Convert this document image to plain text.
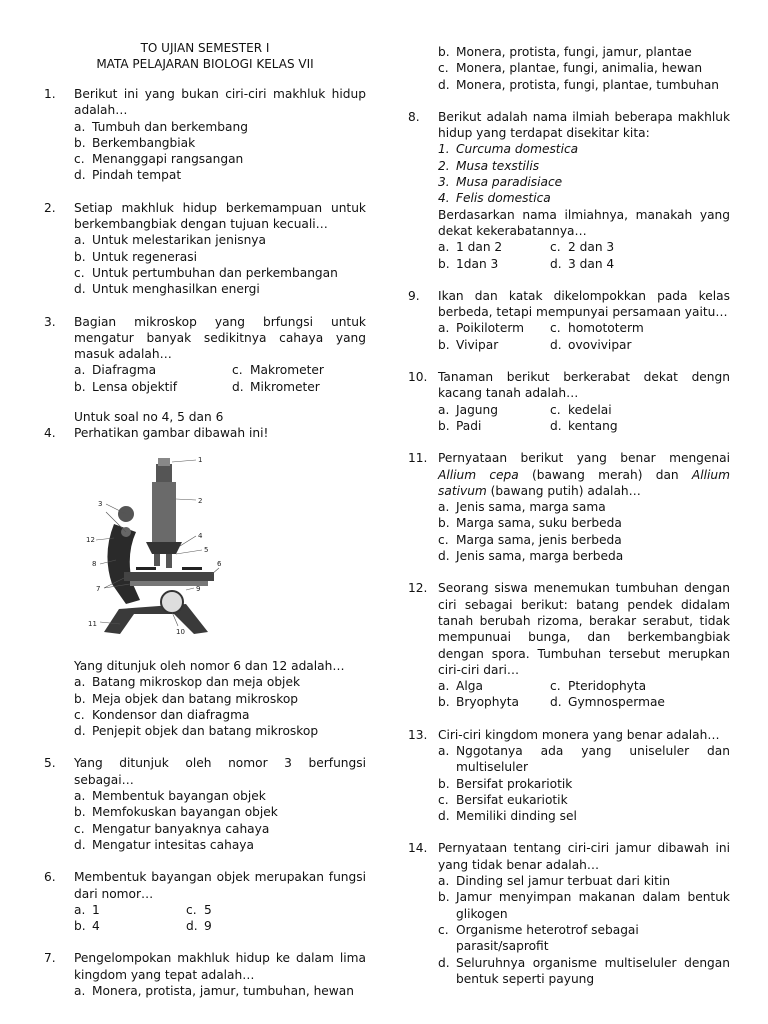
TO UJIAN SEMESTER I
MATA PELAJARAN BIOLOGI KELAS VII
1.	Berikut ini yang bukan ciri-ciri makhluk hidup adalah…
a. Tumbuh dan berkembang
b. Berkembangbiak
c. Menanggapi rangsangan
d. Pindah tempat
2.	Setiap makhluk hidup berkemampuan untuk berkembangbiak dengan tujuan kecuali…
a. Untuk melestarikan jenisnya
b. Untuk regenerasi
c. Untuk pertumbuhan dan perkembangan
d. Untuk menghasilkan energi
3.	Bagian mikroskop yang brfungsi untuk mengatur banyak sedikitnya cahaya yang masuk adalah…
a. Diafragma	c. Makrometer
b. Lensa objektif	d. Mikrometer
Untuk soal no 4, 5 dan 6
4.	Perhatikan gambar dibawah ini!
1
2
3
4
5
6
7
8
9
10
11
12
Yang ditunjuk oleh nomor 6 dan 12 adalah…
a. Batang mikroskop dan meja objek
b. Meja objek dan batang mikroskop
c. Kondensor dan diafragma
d. Penjepit objek dan batang mikroskop
5.	Yang ditunjuk oleh nomor 3 berfungsi sebagai…
a. Membentuk bayangan objek
b. Memfokuskan bayangan objek
c. Mengatur banyaknya cahaya
d. Mengatur intesitas cahaya
6.	Membentuk bayangan objek merupakan fungsi dari nomor…
a. 1	c. 5
b. 4	d. 9
7.	Pengelompokan makhluk hidup ke dalam lima kingdom yang tepat adalah…
a. Monera, protista, jamur, tumbuhan, hewan
b. Monera, protista, fungi, jamur, plantae
c. Monera, plantae, fungi, animalia, hewan
d. Monera, protista, fungi, plantae, tumbuhan
8.	Berikut adalah nama ilmiah beberapa makhluk hidup yang terdapat disekitar kita:
1. Curcuma domestica
2. Musa texstilis
3. Musa paradisiace
4. Felis domestica
Berdasarkan nama ilmiahnya, manakah yang dekat kekerabatannya…
a. 1 dan 2	c. 2 dan 3
b. 1dan 3	d. 3 dan 4
9.	Ikan dan katak dikelompokkan pada kelas berbeda, tetapi mempunyai persamaan yaitu…
a. Poikiloterm	c. homototerm
b. Vivipar	d. ovovivipar
10. Tanaman berikut berkerabat dekat dengn kacang tanah adalah…
a. Jagung	c. kedelai
b. Padi	d. kentang
11. Pernyataan berikut yang benar mengenai Allium cepa (bawang merah) dan Allium sativum (bawang putih) adalah…
a. Jenis sama, marga sama
b. Marga sama, suku berbeda
c. Marga sama, jenis berbeda
d. Jenis sama, marga berbeda
12. Seorang siswa menemukan tumbuhan dengan ciri sebagai berikut: batang pendek didalam tanah berubah rizoma, berakar serabut, tidak mempunuai bunga, dan berkembangbiak dengan spora. Tumbuhan tersebut merupkan ciri-ciri dari…
a. Alga	c. Pteridophyta
b. Bryophyta	d. Gymnospermae
13. Ciri-ciri kingdom monera yang benar adalah…
a. Nggotanya ada yang uniseluler dan multiseluler
b. Bersifat prokariotik
c. Bersifat eukariotik
d. Memiliki dinding sel
14. Pernyataan tentang ciri-ciri jamur dibawah ini yang tidak benar adalah…
a. Dinding sel jamur terbuat dari kitin
b. Jamur menyimpan makanan dalam bentuk glikogen
c. Organisme heterotrof sebagai parasit/saprofit
d. Seluruhnya organisme multiseluler dengan bentuk seperti payung
